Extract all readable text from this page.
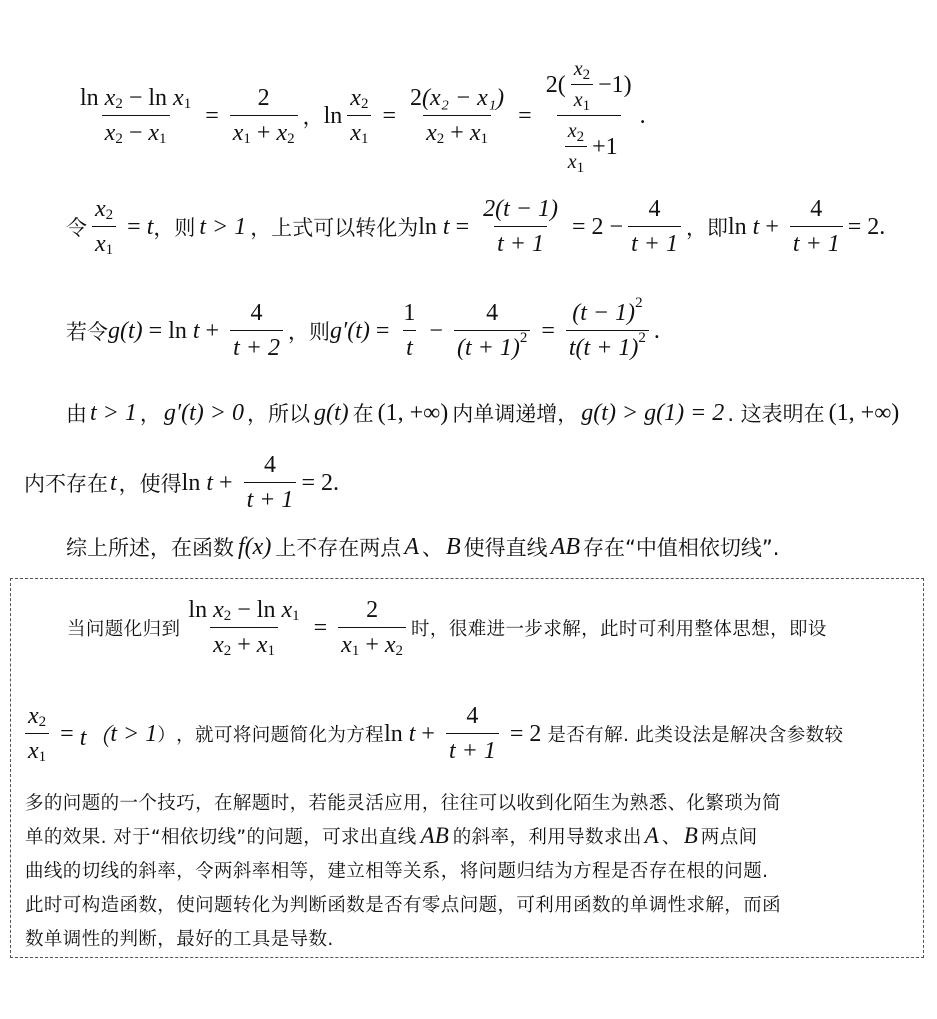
ln
x 2 − ln
x 1
x 2 − x $1 = \frac{2}{x 1 + x 2}$ ， $\ln \frac{x 2}{x 1} = \frac{\text{2 (x₂ − x₁)}}{x 2 + x 1} = \frac{2( \frac{x 2}{x 1} -1)}{\frac{x 2}{x 1} +1}$ .
令 $\frac{x 2}{x 1} = t$ ，则 t > 1 ，上式可以转化为 ln
$t = \frac{2(t - 1)}{t + 1} = 2 - \frac{4}{t + 1}$ ，即 ln
$t + \frac{4}{t + 1} = 2$.
若令 g(t) = ln
$t + \frac{4}{t + 2}$ ，则 $g'(t) = \frac{1}{t} - \frac{4}{(t + 1) 2} = \frac{(t - 1) 2}{t(t + 1) 2}$ .
由 t > 1 ， g′(t) > 0 ，所以 g(t) 在 (1, +∞) 内单调递增， g(t) > g(1) = 2 . 这表明在 (1, +∞)
内不存在 t ，使得 ln
$t + \frac{4}{t + 1} = 2$.
综上所述，在函数 f(x) 上不存在两点 A 、 B 使得直线 AB 存在“中值相依切线”.
当问题化归到 ln
x 2 − ln
x 1
x 2 + x $1 = \frac{2}{x 1 + x 2}$ 时，很难进一步求解，此时可利用整体思想，即设
$\frac{x 2}{x 1} = t$（ t > 1 ） ，就可将问题简化为方程 ln
$t + \frac{4}{t + 1} = 2$ 是否有解. 此类设法是解决含参数较
多的问题的一个技巧，在解题时，若能灵活应用，往往可以收到化陌生为熟悉、化繁琐为简
单的效果. 对于“相依切线”的问题，可求出直线 AB 的斜率，利用导数求出 A 、 B 两点间
曲线的切线的斜率，令两斜率相等，建立相等关系，将问题归结为方程是否存在根的问题.
此时可构造函数，使问题转化为判断函数是否有零点问题，可利用函数的单调性求解，而函
数单调性的判断，最好的工具是导数.
